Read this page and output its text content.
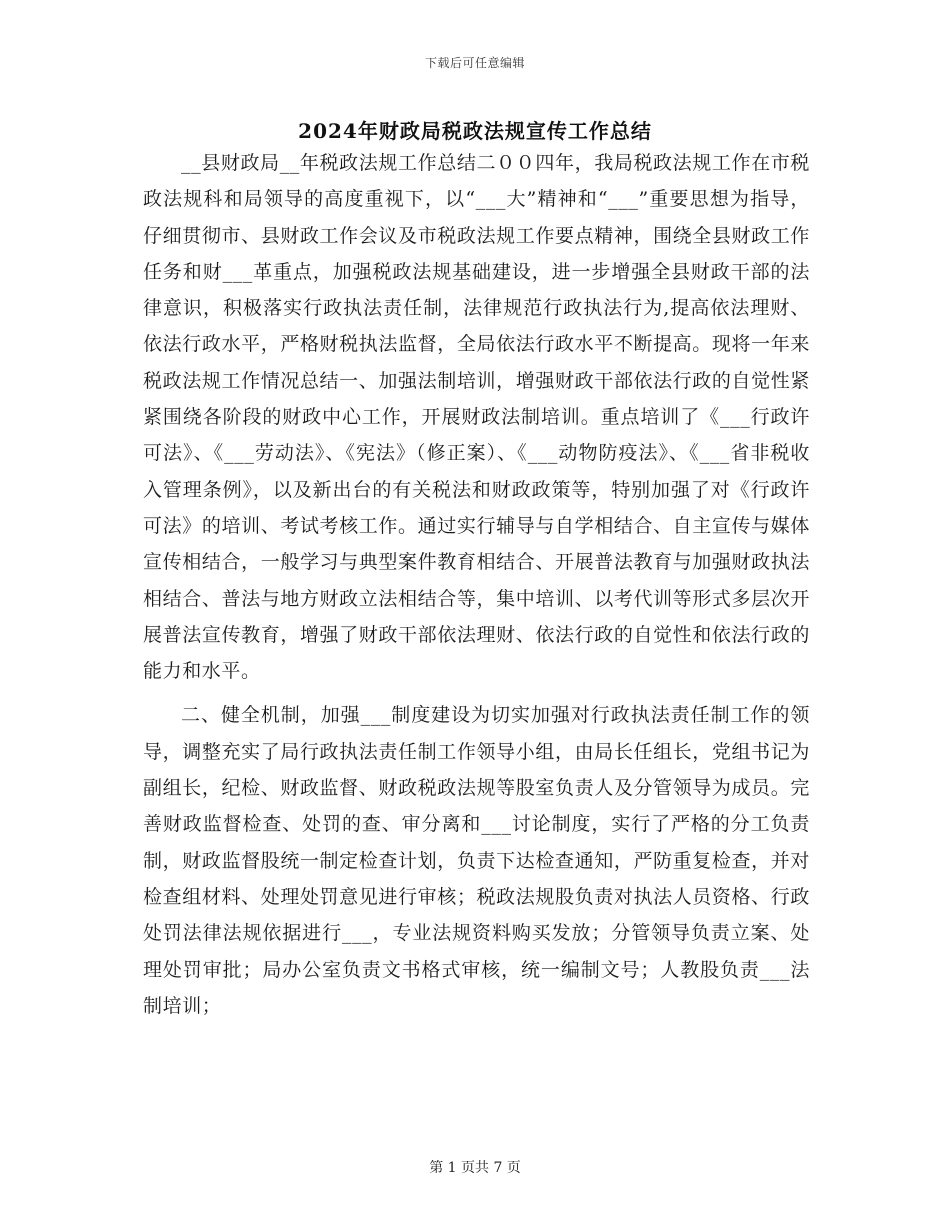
下载后可任意编辑
2024年财政局税政法规宣传工作总结

__县财政局__年税政法规工作总结二００四年，我局税政法规工作在市税政法规科和局领导的高度重视下，以“___大”精神和“___”重要思想为指导，仔细贯彻市、县财政工作会议及市税政法规工作要点精神，围绕全县财政工作任务和财___革重点，加强税政法规基础建设，进一步增强全县财政干部的法律意识，积极落实行政执法责任制，法律规范行政执法行为,提高依法理财、依法行政水平，严格财税执法监督，全局依法行政水平不断提高。现将一年来税政法规工作情况总结一、加强法制培训，增强财政干部依法行政的自觉性紧紧围绕各阶段的财政中心工作，开展财政法制培训。重点培训了《___行政许可法》、《___劳动法》、《宪法》（修正案）、《___动物防疫法》、《___省非税收入管理条例》，以及新出台的有关税法和财政政策等，特别加强了对《行政许可法》的培训、考试考核工作。通过实行辅导与自学相结合、自主宣传与媒体宣传相结合，一般学习与典型案件教育相结合、开展普法教育与加强财政执法相结合、普法与地方财政立法相结合等，集中培训、以考代训等形式多层次开展普法宣传教育，增强了财政干部依法理财、依法行政的自觉性和依法行政的能力和水平。

二、健全机制，加强___制度建设为切实加强对行政执法责任制工作的领导，调整充实了局行政执法责任制工作领导小组，由局长任组长，党组书记为副组长，纪检、财政监督、财政税政法规等股室负责人及分管领导为成员。完善财政监督检查、处罚的查、审分离和___讨论制度，实行了严格的分工负责制，财政监督股统一制定检查计划，负责下达检查通知，严防重复检查，并对检查组材料、处理处罚意见进行审核；税政法规股负责对执法人员资格、行政处罚法律法规依据进行___，专业法规资料购买发放；分管领导负责立案、处理处罚审批；局办公室负责文书格式审核，统一编制文号；人教股负责___法制培训；

第 1 页共 7 页
